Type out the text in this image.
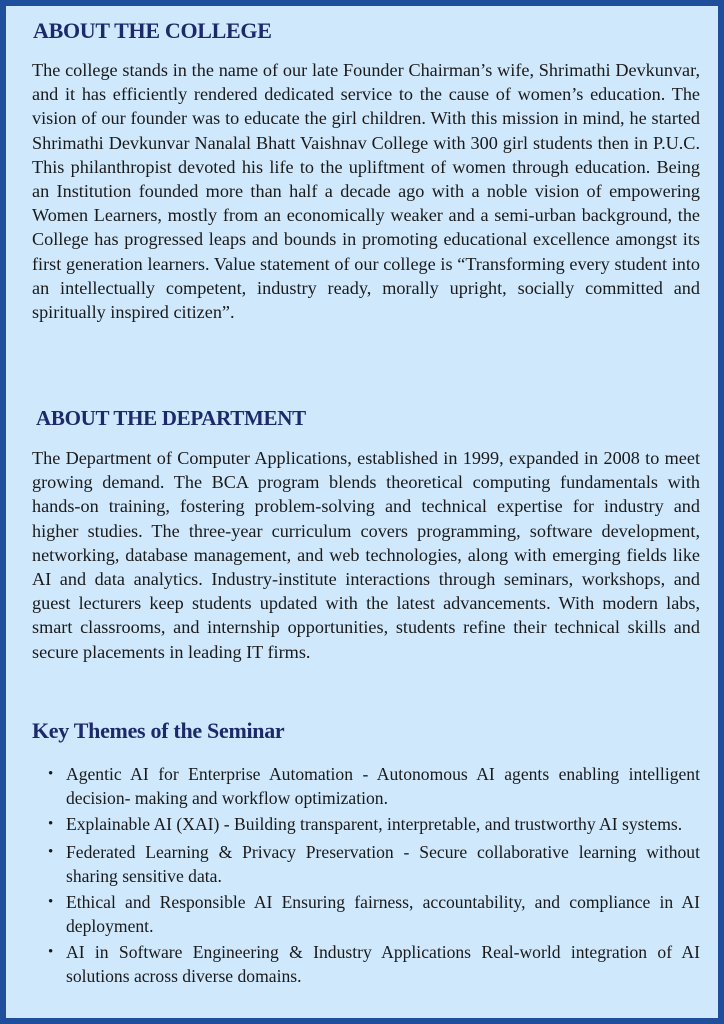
ABOUT THE COLLEGE

The college stands in the name of our late Founder Chairman’s wife, Shrimathi Devkunvar, and it has efficiently rendered dedicated service to the cause of women’s education. The vision of our founder was to educate the girl children. With this mission in mind, he started Shrimathi Devkunvar Nanalal Bhatt Vaishnav College with 300 girl students then in P.U.C. This philanthropist devoted his life to the upliftment of women through education. Being an Institution founded more than half a decade ago with a noble vision of empowering Women Learners, mostly from an economically weaker and a semi-urban background, the College has progressed leaps and bounds in promoting educational excellence amongst its first generation learners. Value statement of our college is “Transforming every student into an intellectually competent, industry ready, morally upright, socially committed and spiritually inspired citizen”.

ABOUT THE DEPARTMENT

The Department of Computer Applications, established in 1999, expanded in 2008 to meet growing demand. The BCA program blends theoretical computing fundamentals with hands-on training, fostering problem-solving and technical expertise for industry and higher studies. The three-year curriculum covers programming, software development, networking, database management, and web technologies, along with emerging fields like AI and data analytics. Industry-institute interactions through seminars, workshops, and guest lecturers keep students updated with the latest advancements. With modern labs, smart classrooms, and internship opportunities, students refine their technical skills and secure placements in leading IT firms.

Key Themes of the Seminar
• Agentic AI for Enterprise Automation - Autonomous AI agents enabling intelligent decision- making and workflow optimization.
• Explainable AI (XAI) - Building transparent, interpretable, and trustworthy AI systems.
• Federated Learning & Privacy Preservation - Secure collaborative learning without sharing sensitive data.
• Ethical and Responsible AI Ensuring fairness, accountability, and compliance in AI deployment.
• AI in Software Engineering & Industry Applications Real-world integration of AI solutions across diverse domains.
